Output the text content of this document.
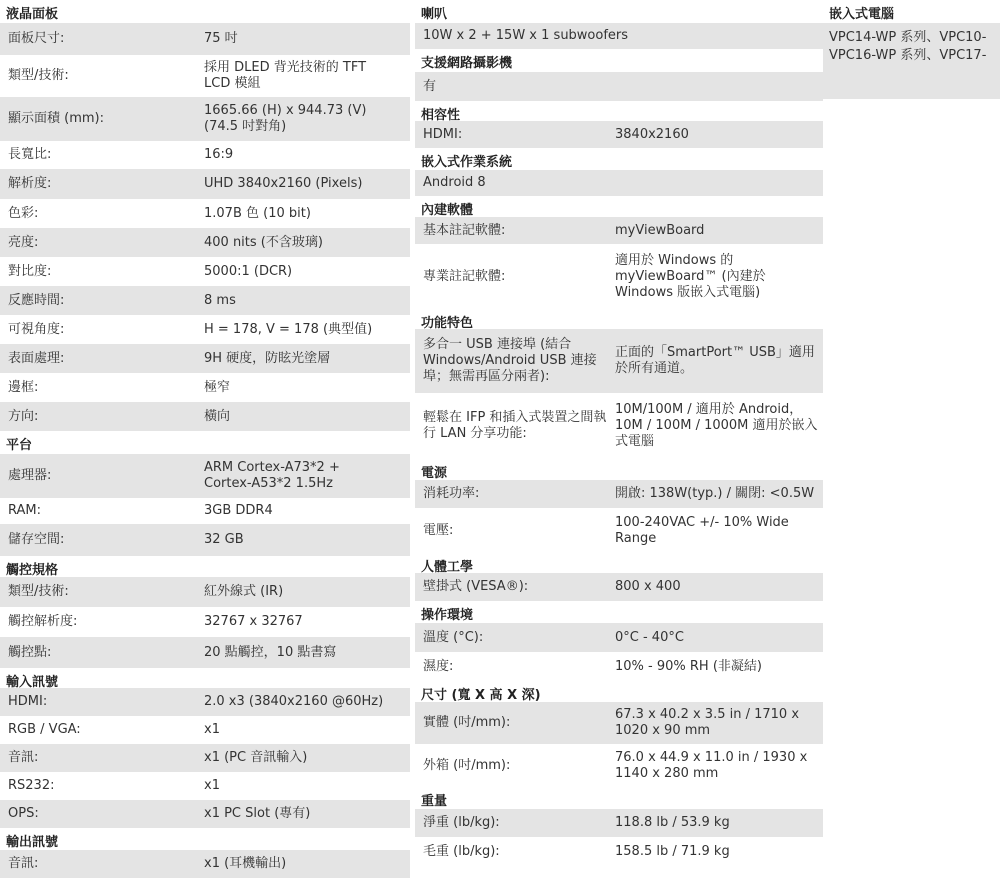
液晶面板
面板尺寸:	75 吋
類型/技術:
採用 DLED 背光技術的 TFT LCD 模組
顯示面積 (mm):
1665.66 (H) x 944.73 (V) (74.5 吋對角)
長寬比:	16:9
解析度:	UHD 3840x2160 (Pixels)
色彩:	1.07B 色 (10 bit)
亮度:	400 nits (不含玻璃)
對比度:	5000:1 (DCR)
反應時間:	8 ms
可視角度:	H = 178, V = 178 (典型值)
表面處理:	9H 硬度，防眩光塗層
邊框:	極窄
方向:	橫向
平台
處理器:
ARM Cortex-A73*2 + Cortex-A53*2 1.5Hz
RAM:	3GB DDR4
儲存空間:	32 GB
觸控規格
類型/技術:	紅外線式 (IR)
觸控解析度:	32767 x 32767
觸控點:	20 點觸控，10 點書寫
輸入訊號
HDMI:	2.0 x3 (3840x2160 @60Hz)
RGB / VGA:	x1
音訊:	x1 (PC 音訊輸入)
RS232:	x1
OPS:	x1 PC Slot (專有)
輸出訊號
音訊:	x1 (耳機輸出)
喇叭
10W x 2 + 15W x 1 subwoofers
支援網路攝影機
有
相容性
HDMI:	3840x2160
嵌入式作業系統
Android 8
內建軟體
基本註記軟體:	myViewBoard
專業註記軟體:
適用於 Windows 的 myViewBoard™ (內建於 Windows 版嵌入式電腦)
功能特色
多合一 USB 連接埠 (結合 Windows/Android USB 連接埠；無需再區分兩者):
正面的「SmartPort™ USB」適用於所有通道。
輕鬆在 IFP 和插入式裝置之間執行 LAN 分享功能:
10M/100M / 適用於 Android，10M / 100M / 1000M 適用於嵌入式電腦
電源
消耗功率:	開啟: 138W(typ.) / 關閉: <0.5W
電壓:
100-240VAC +/- 10% Wide Range
人體工學
壁掛式 (VESA®):	800 x 400
操作環境
溫度 (°C):	0°C - 40°C
濕度:	10% - 90% RH (非凝結)
尺寸 (寬 X 高 X 深)
實體 (吋/mm):
67.3 x 40.2 x 3.5 in / 1710 x 1020 x 90 mm
外箱 (吋/mm):
76.0 x 44.9 x 11.0 in / 1930 x 1140 x 280 mm
重量
淨重 (lb/kg):	118.8 lb / 53.9 kg
毛重 (lb/kg):	158.5 lb / 71.9 kg
嵌入式電腦
VPC14-WP 系列、VPC10-
VPC16-WP 系列、VPC17-
